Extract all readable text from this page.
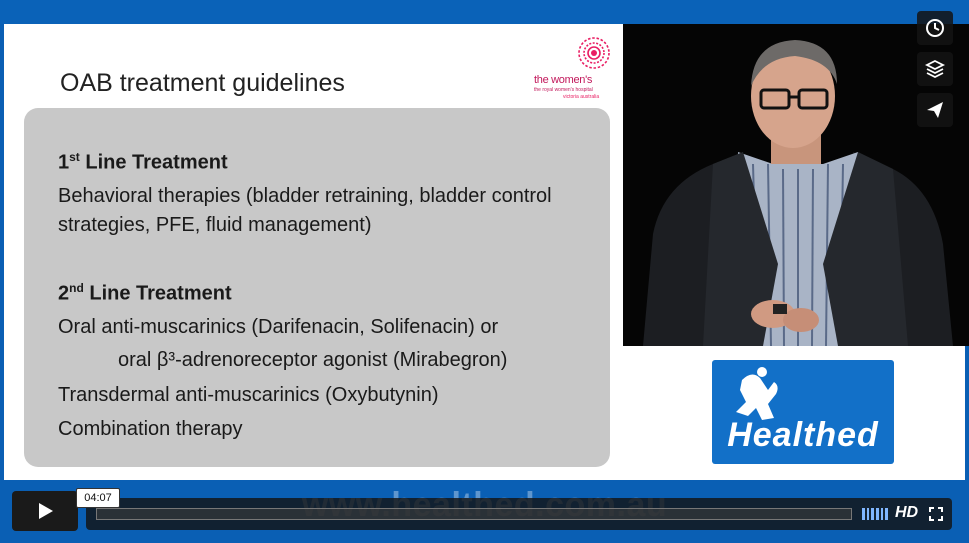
OAB treatment guidelines	the women's
the royal women's hospital
victoria australia
1st Line Treatment
Behavioral therapies (bladder retraining, bladder control
strategies, PFE, fluid management)
2nd Line Treatment
Oral anti-muscarinics (Darifenacin, Solifenacin) or
oral β³-adrenoreceptor agonist (Mirabegron)
Transdermal anti-muscarinics (Oxybutynin)
Combination therapy	Healthed
HD
04:07
